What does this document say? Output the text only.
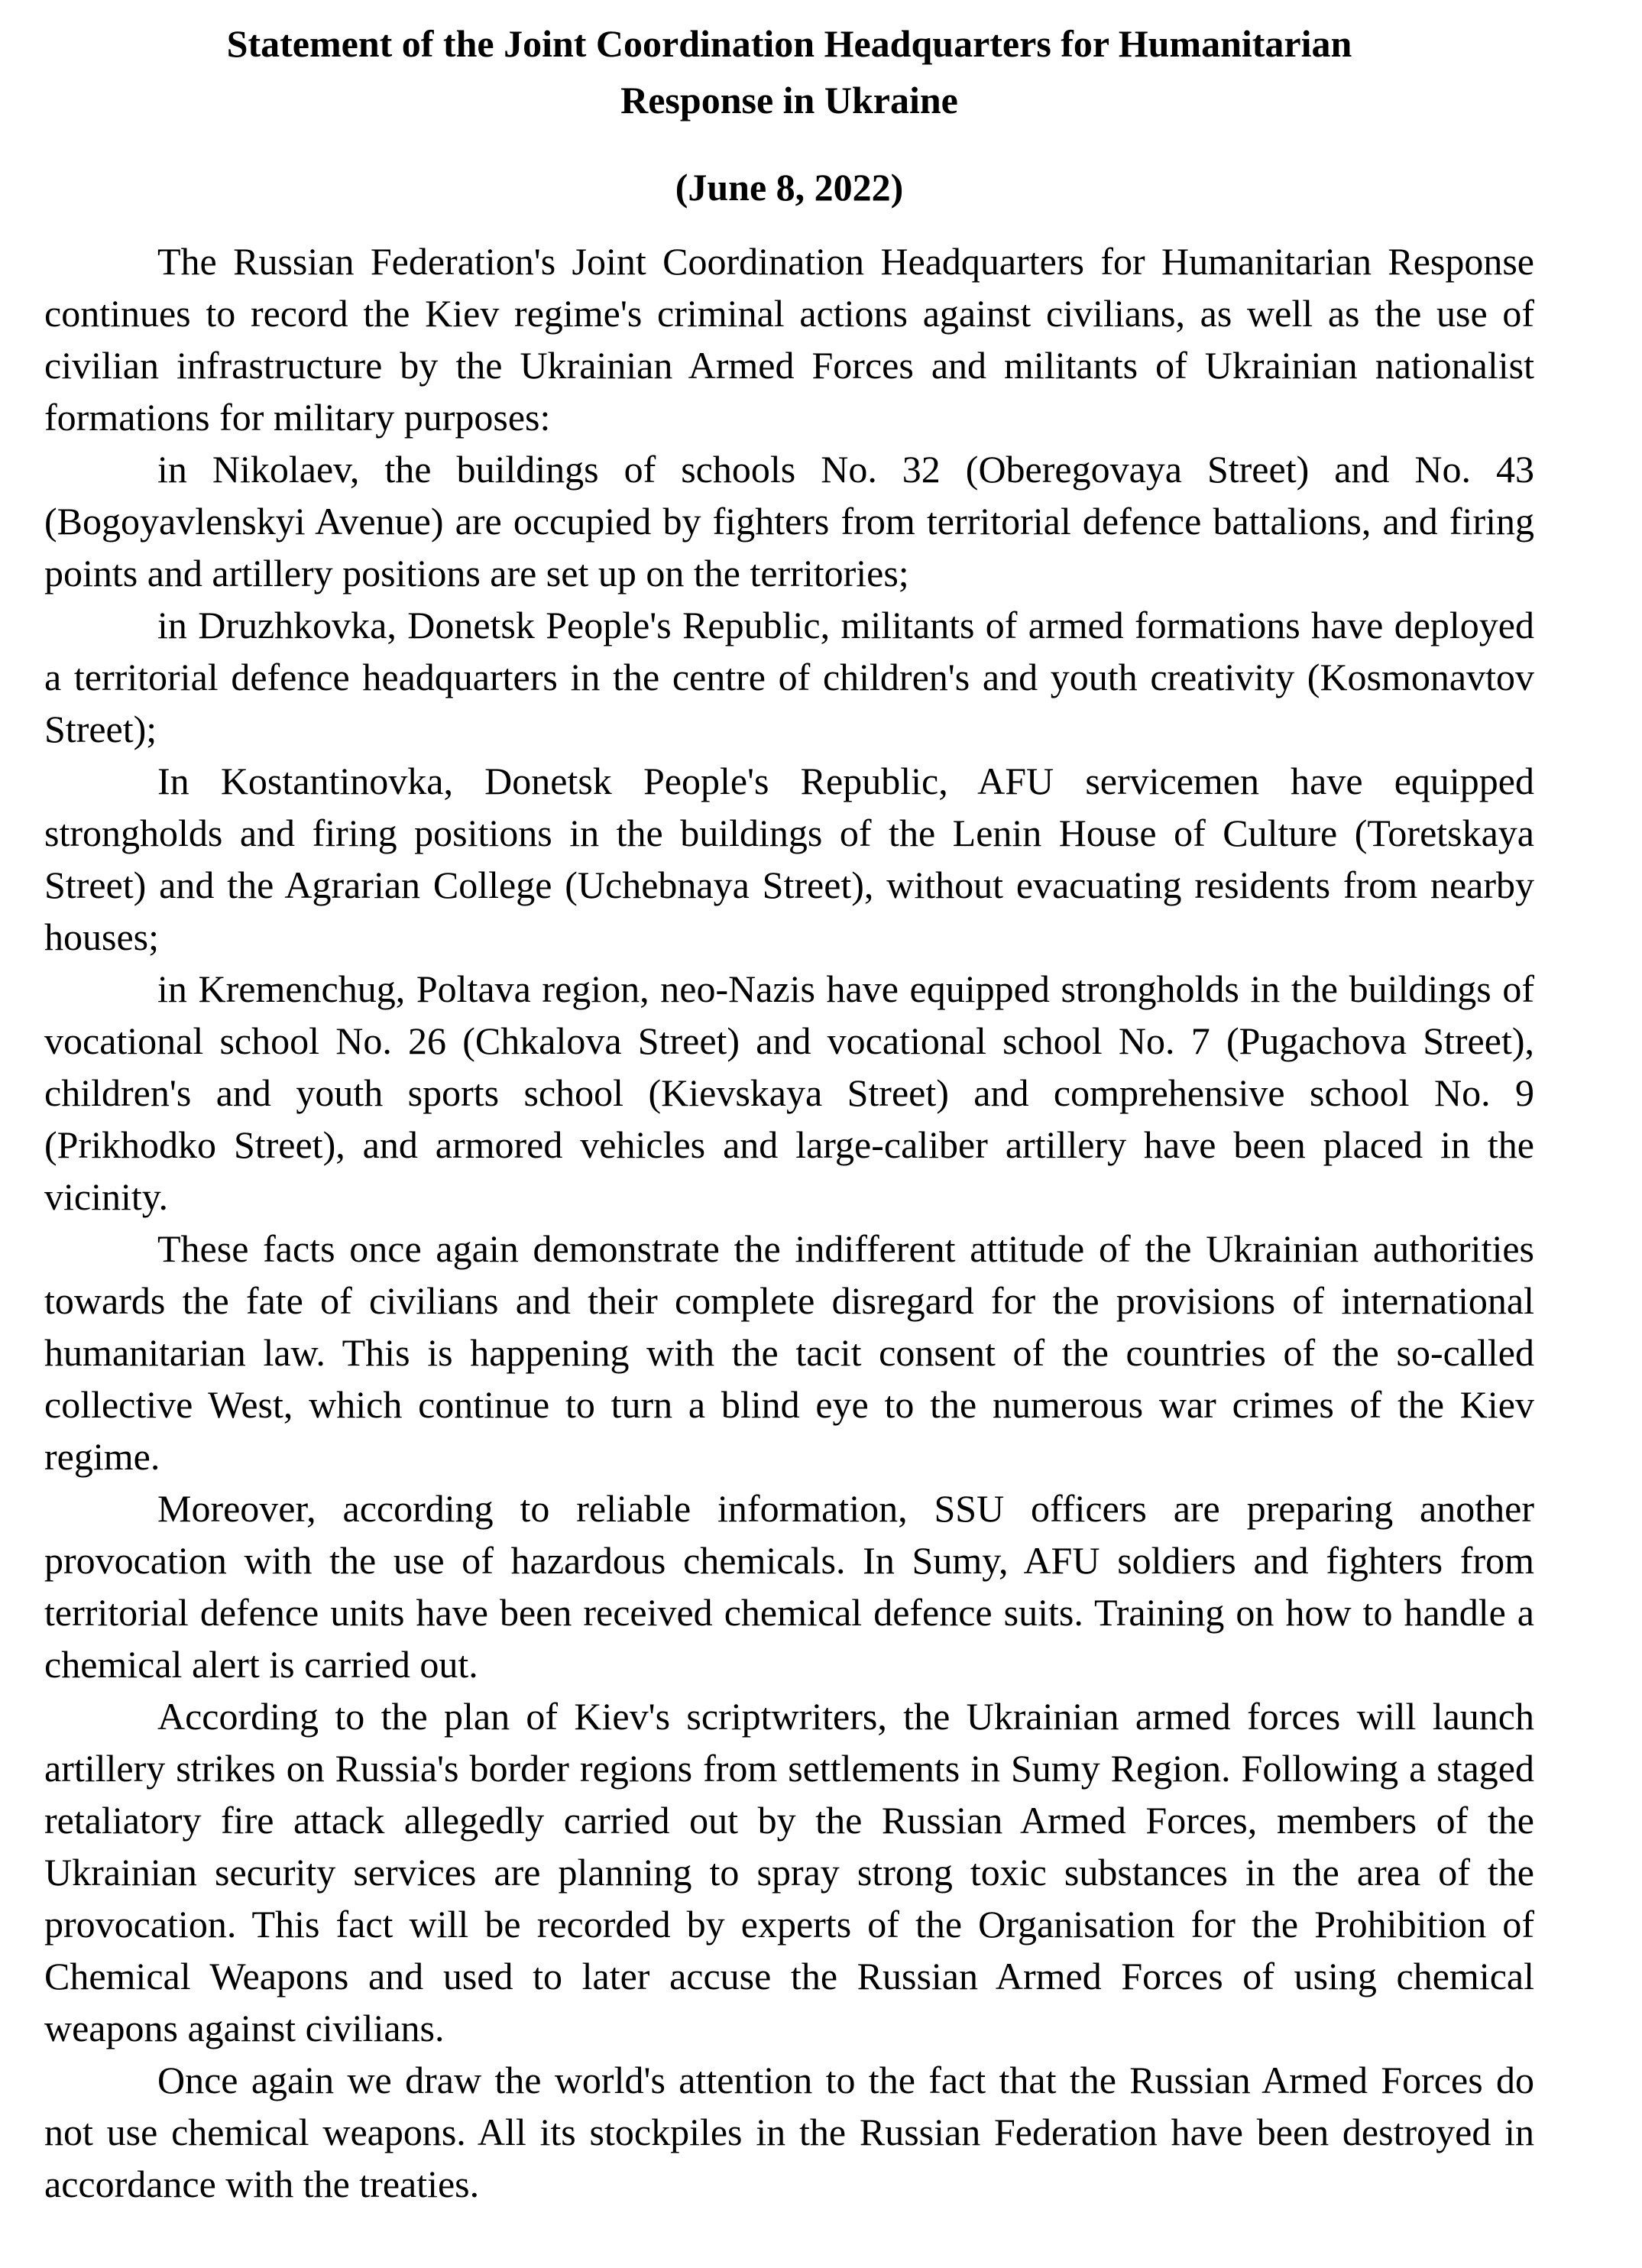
Statement of the Joint Coordination Headquarters for Humanitarian
Response in Ukraine
(June 8, 2022)

The Russian Federation's Joint Coordination Headquarters for Humanitarian Response continues to record the Kiev regime's criminal actions against civilians, as well as the use of civilian infrastructure by the Ukrainian Armed Forces and militants of Ukrainian nationalist formations for military purposes:

in Nikolaev, the buildings of schools No. 32 (Oberegovaya Street) and No. 43 (Bogoyavlenskyi Avenue) are occupied by fighters from territorial defence battalions, and firing points and artillery positions are set up on the territories;

in Druzhkovka, Donetsk People's Republic, militants of armed formations have deployed a territorial defence headquarters in the centre of children's and youth creativity (Kosmonavtov Street);

In Kostantinovka, Donetsk People's Republic, AFU servicemen have equipped strongholds and firing positions in the buildings of the Lenin House of Culture (Toretskaya Street) and the Agrarian College (Uchebnaya Street), without evacuating residents from nearby houses;

in Kremenchug, Poltava region, neo-Nazis have equipped strongholds in the buildings of vocational school No. 26 (Chkalova Street) and vocational school No. 7 (Pugachova Street), children's and youth sports school (Kievskaya Street) and comprehensive school No. 9 (Prikhodko Street), and armored vehicles and large-caliber artillery have been placed in the vicinity.

These facts once again demonstrate the indifferent attitude of the Ukrainian authorities towards the fate of civilians and their complete disregard for the provisions of international humanitarian law. This is happening with the tacit consent of the countries of the so-called collective West, which continue to turn a blind eye to the numerous war crimes of the Kiev regime.

Moreover, according to reliable information, SSU officers are preparing another provocation with the use of hazardous chemicals. In Sumy, AFU soldiers and fighters from territorial defence units have been received chemical defence suits. Training on how to handle a chemical alert is carried out.

According to the plan of Kiev's scriptwriters, the Ukrainian armed forces will launch artillery strikes on Russia's border regions from settlements in Sumy Region. Following a staged retaliatory fire attack allegedly carried out by the Russian Armed Forces, members of the Ukrainian security services are planning to spray strong toxic substances in the area of the provocation. This fact will be recorded by experts of the Organisation for the Prohibition of Chemical Weapons and used to later accuse the Russian Armed Forces of using chemical weapons against civilians.

Once again we draw the world's attention to the fact that the Russian Armed Forces do not use chemical weapons. All its stockpiles in the Russian Federation have been destroyed in accordance with the treaties.
